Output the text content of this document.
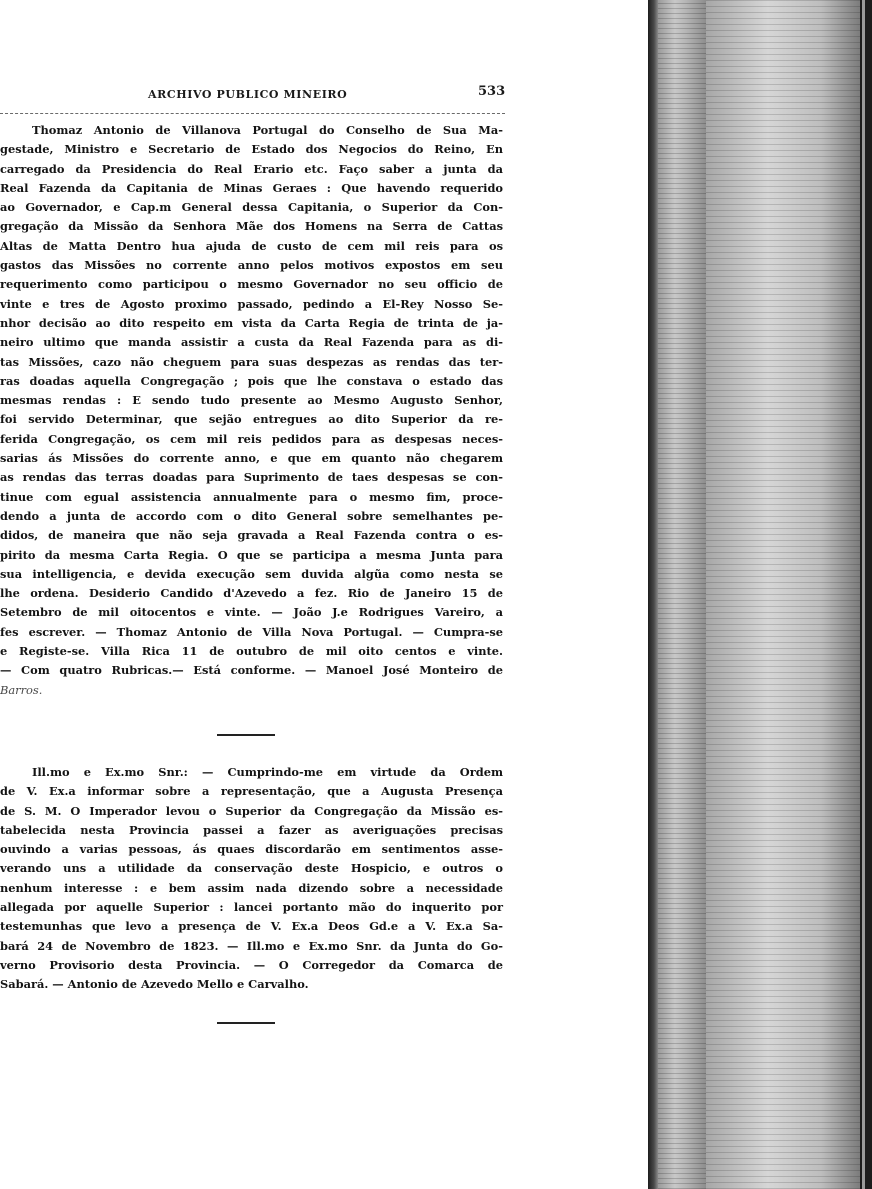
ARCHIVO PUBLICO MINEIRO	533
Thomaz Antonio de Villanova Portugal do Conselho de Sua Ma-
gestade, Ministro e Secretario de Estado dos Negocios do Reino, En
carregado da Presidencia do Real Erario etc. Faço saber a junta da
Real Fazenda da Capitania de Minas Geraes : Que havendo requerido
ao Governador, e Cap.m General dessa Capitania, o Superior da Con-
gregação da Missão da Senhora Mãe dos Homens na Serra de Cattas
Altas de Matta Dentro hua ajuda de custo de cem mil reis para os
gastos das Missões no corrente anno pelos motivos expostos em seu
requerimento como participou o mesmo Governador no seu officio de
vinte e tres de Agosto proximo passado, pedindo a El-Rey Nosso Se-
nhor decisão ao dito respeito em vista da Carta Regia de trinta de ja-
neiro ultimo que manda assistir a custa da Real Fazenda para as di-
tas Missões, cazo não cheguem para suas despezas as rendas das ter-
ras doadas aquella Congregação ; pois que lhe constava o estado das
mesmas rendas : E sendo tudo presente ao Mesmo Augusto Senhor,
foi servido Determinar, que sejão entregues ao dito Superior da re-
ferida Congregação, os cem mil reis pedidos para as despesas neces-
sarias ás Missões do corrente anno, e que em quanto não chegarem
as rendas das terras doadas para Suprimento de taes despesas se con-
tinue com egual assistencia annualmente para o mesmo fim, proce-
dendo a junta de accordo com o dito General sobre semelhantes pe-
didos, de maneira que não seja gravada a Real Fazenda contra o es-
pirito da mesma Carta Regia. O que se participa a mesma Junta para
sua intelligencia, e devida execução sem duvida algũa como nesta se
lhe ordena. Desiderio Candido d'Azevedo a fez. Rio de Janeiro 15 de
Setembro de mil oitocentos e vinte. — João J.e Rodrigues Vareiro, a
fes escrever. — Thomaz Antonio de Villa Nova Portugal. — Cumpra-se
e Registe-se. Villa Rica 11 de outubro de mil oito centos e vinte.
— Com quatro Rubricas.— Está conforme. — Manoel José Monteiro de
Barros.
Ill.mo e Ex.mo Snr.: — Cumprindo-me em virtude da Ordem
de V. Ex.a informar sobre a representação, que a Augusta Presença
de S. M. O Imperador levou o Superior da Congregação da Missão es-
tabelecida nesta Provincia passei a fazer as averiguações precisas
ouvindo a varias pessoas, ás quaes discordarão em sentimentos asse-
verando uns a utilidade da conservação deste Hospicio, e outros o
nenhum interesse : e bem assim nada dizendo sobre a necessidade
allegada por aquelle Superior : lancei portanto mão do inquerito por
testemunhas que levo a presença de V. Ex.a Deos Gd.e a V. Ex.a Sa-
bará 24 de Novembro de 1823. — Ill.mo e Ex.mo Snr. da Junta do Go-
verno Provisorio desta Provincia. — O Corregedor da Comarca de
Sabará. — Antonio de Azevedo Mello e Carvalho.
